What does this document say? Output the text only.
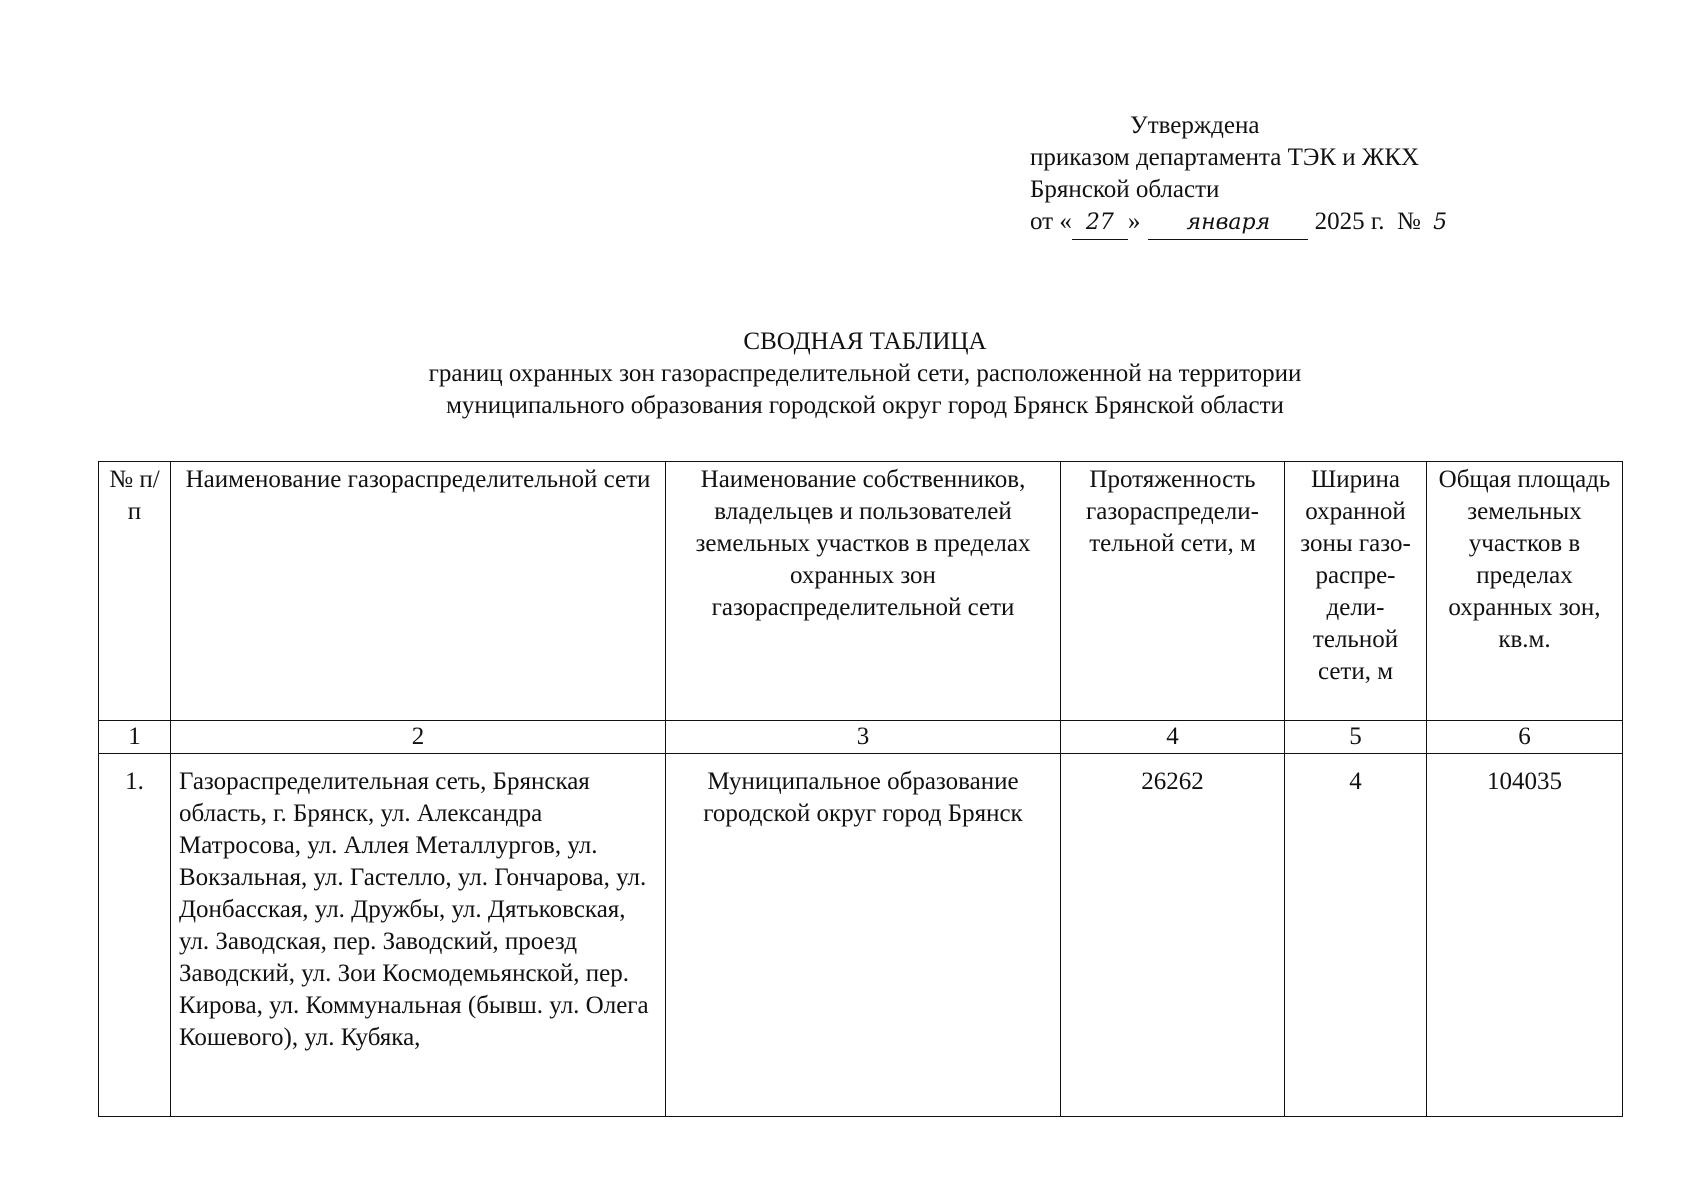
Утверждена
приказом департамента ТЭК и ЖКХ
Брянской области
от « 27 » января 2025 г. № 5
СВОДНАЯ ТАБЛИЦА
границ охранных зон газораспределительной сети, расположенной на территории
муниципального образования городской округ город Брянск Брянской области
№ п/п	Наименование газораспределительной сети	Наименование собственников, владельцев и пользователей земельных участков в пределах охранных зон газораспределительной сети	Протяженность газораспредели-тельной сети, м	Ширина охранной зоны газо-распре-дели-тельной сети, м	Общая площадь земельных участков в пределах охранных зон, кв.м.
1	2	3	4	5	6
1.	Газораспределительная сеть, Брянская область, г. Брянск, ул. Александра Матросова, ул. Аллея Металлургов, ул. Вокзальная, ул. Гастелло, ул. Гончарова, ул. Донбасская, ул. Дружбы, ул. Дятьковская, ул. Заводская, пер. Заводский, проезд Заводский, ул. Зои Космодемьянской, пер. Кирова, ул. Коммунальная (бывш. ул. Олега Кошевого), ул. Кубяка,	Муниципальное образование городской округ город Брянск	26262	4	104035
